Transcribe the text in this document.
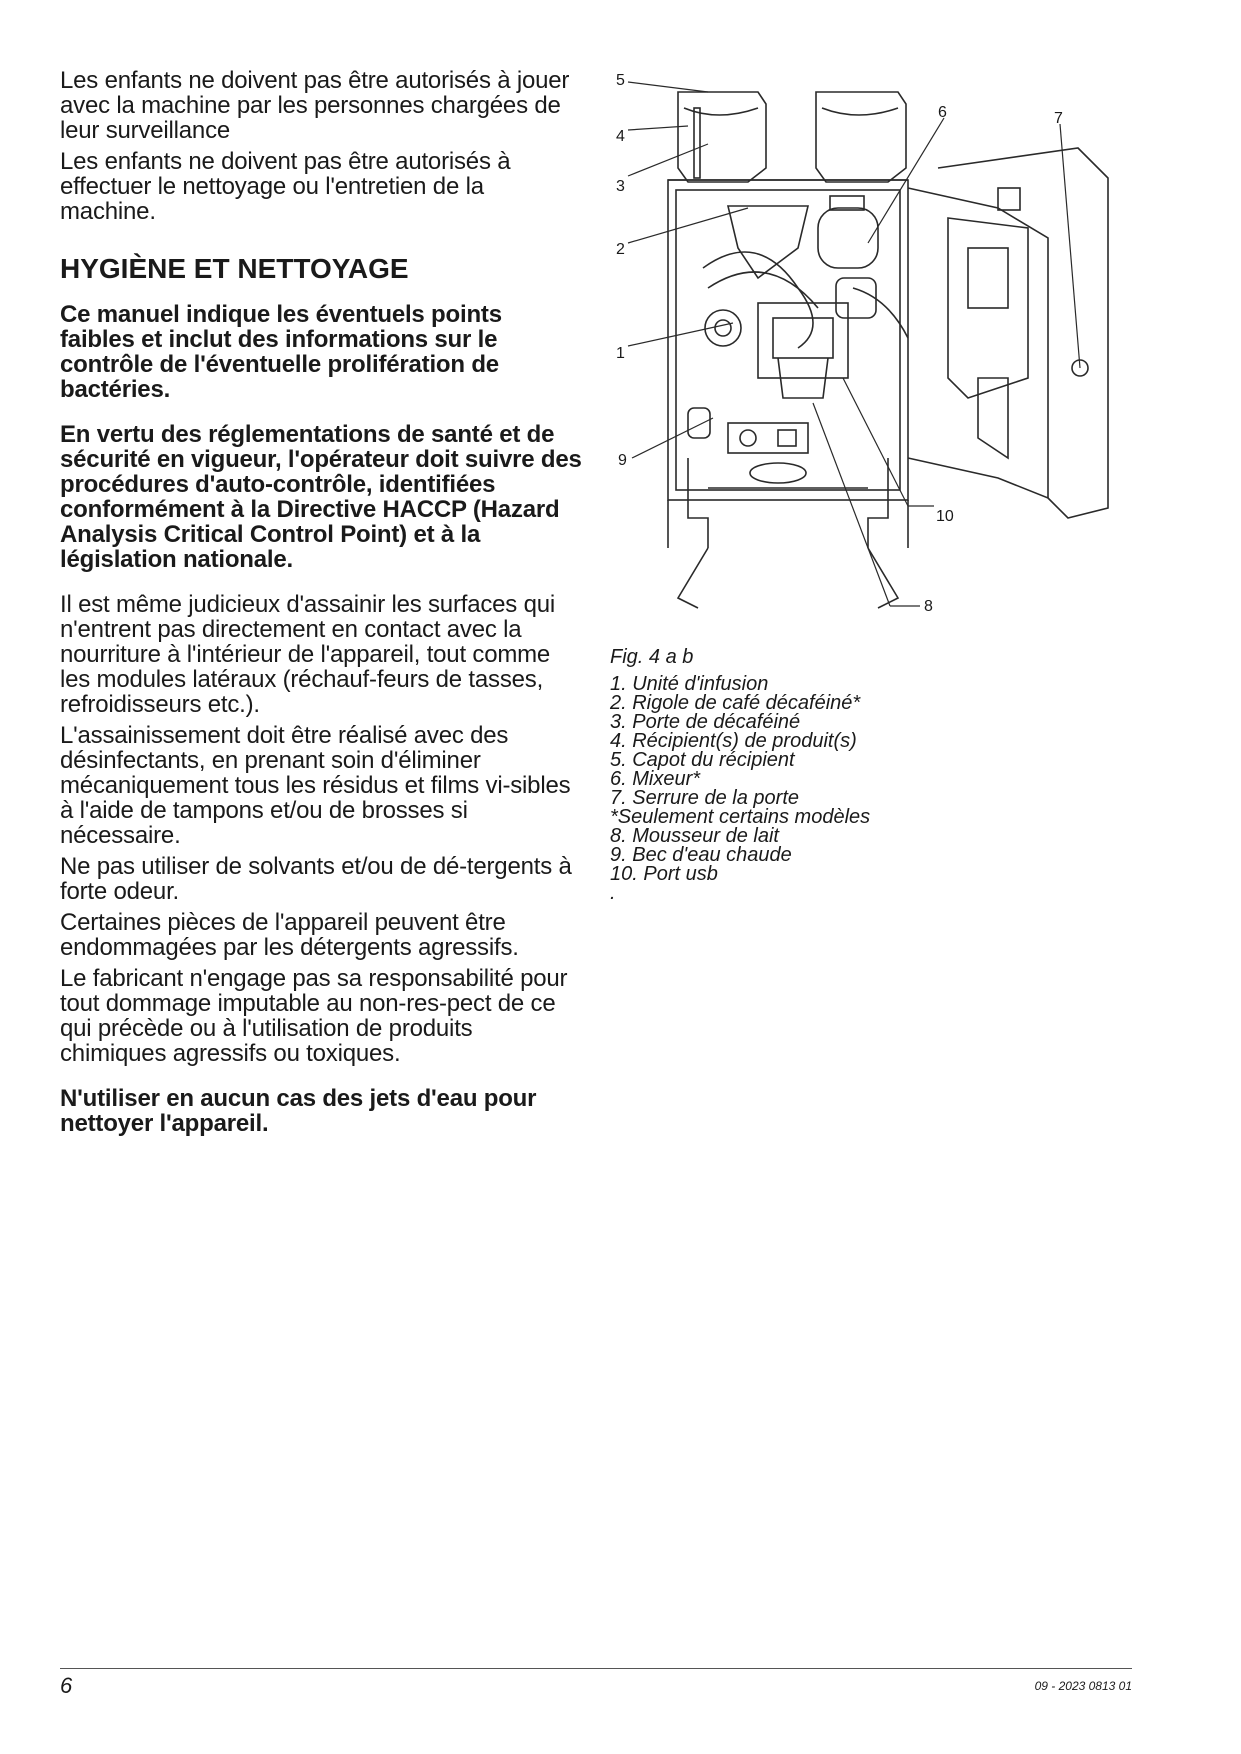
Les enfants ne doivent pas être autorisés à jouer avec la machine par les personnes chargées de leur surveillance

Les enfants ne doivent pas être autorisés à effectuer le nettoyage ou l'entretien de la machine.

HYGIÈNE ET NETTOYAGE

Ce manuel indique les éventuels points faibles et inclut des informations sur le contrôle de l'éventuelle prolifération de bactéries.

En vertu des réglementations de santé et de sécurité en vigueur, l'opérateur doit suivre des procédures d'auto-contrôle, identifiées conformément à la Directive HACCP (Hazard Analysis Critical Control Point) et à la législation nationale.

Il est même judicieux d'assainir les surfaces qui n'entrent pas directement en contact avec la nourriture à l'intérieur de l'appareil, tout comme les modules latéraux (réchauf-feurs de tasses, refroidisseurs etc.).

L'assainissement doit être réalisé avec des désinfectants, en prenant soin d'éliminer mécaniquement tous les résidus et films vi-sibles à l'aide de tampons et/ou de brosses si nécessaire.

Ne pas utiliser de solvants et/ou de dé-tergents à forte odeur.

Certaines pièces de l'appareil peuvent être endommagées par les détergents agressifs.

Le fabricant n'engage pas sa responsabilité pour tout dommage imputable au non-res-pect de ce qui précède ou à l'utilisation de produits chimiques agressifs ou toxiques.

N'utiliser en aucun cas des jets d'eau pour nettoyer l'appareil.

5
4
3
2
1
9
6	7
10
8
Fig. 4 a b

1. Unité d'infusion

2. Rigole de café décaféiné*

3. Porte de décaféiné

4. Récipient(s) de produit(s)

5. Capot du récipient

6. Mixeur*

7. Serrure de la porte

*Seulement certains modèles

8. Mousseur de lait

9. Bec d'eau chaude

10. Port usb

.

6	09 - 2023 0813 01
